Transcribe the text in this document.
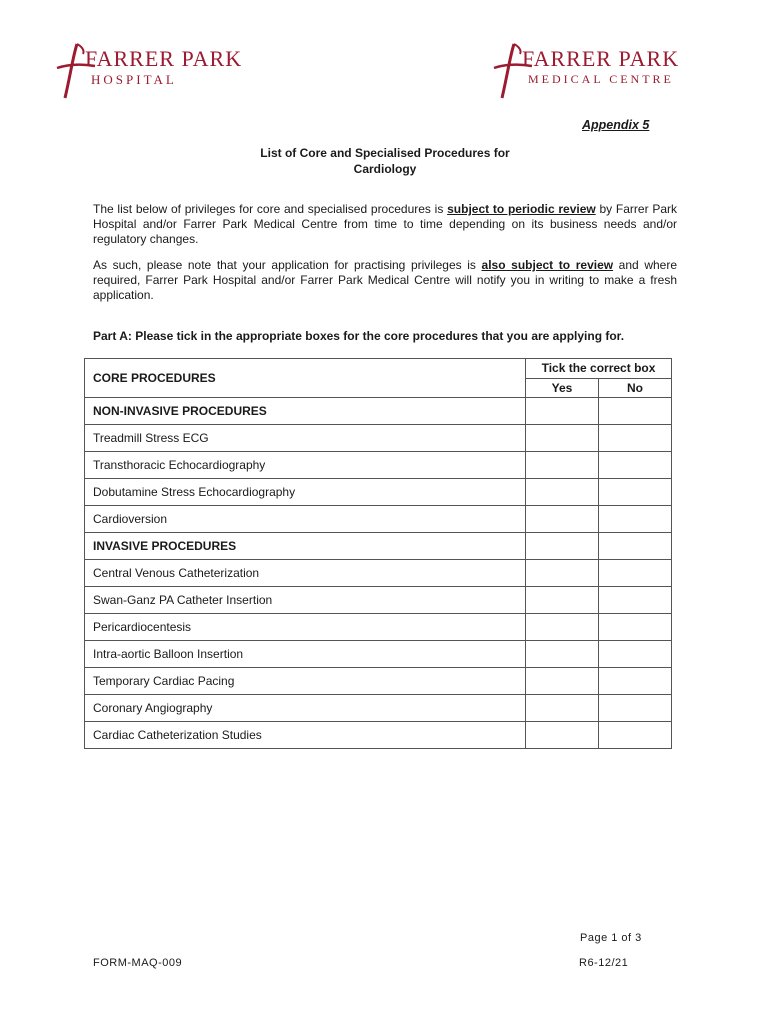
FARRER PARK
HOSPITAL
FARRER PARK
MEDICAL CENTRE
Appendix 5
List of Core and Specialised Procedures for
Cardiology
The list below of privileges for core and specialised procedures is subject to periodic review by Farrer Park Hospital and/or Farrer Park Medical Centre from time to time depending on its business needs and/or regulatory changes.
As such, please note that your application for practising privileges is also subject to review and where required, Farrer Park Hospital and/or Farrer Park Medical Centre will notify you in writing to make a fresh application.
Part A: Please tick in the appropriate boxes for the core procedures that you are applying for.
CORE PROCEDURES	Tick the correct box	
	Yes	No
NON-INVASIVE PROCEDURES		
Treadmill Stress ECG		
Transthoracic Echocardiography		
Dobutamine Stress Echocardiography		
Cardioversion		
INVASIVE PROCEDURES		
Central Venous Catheterization		
Swan-Ganz PA Catheter Insertion		
Pericardiocentesis		
Intra-aortic Balloon Insertion		
Temporary Cardiac Pacing		
Coronary Angiography		
Cardiac Catheterization Studies		
Page 1 of 3
FORM-MAQ-009	R6-12/21
